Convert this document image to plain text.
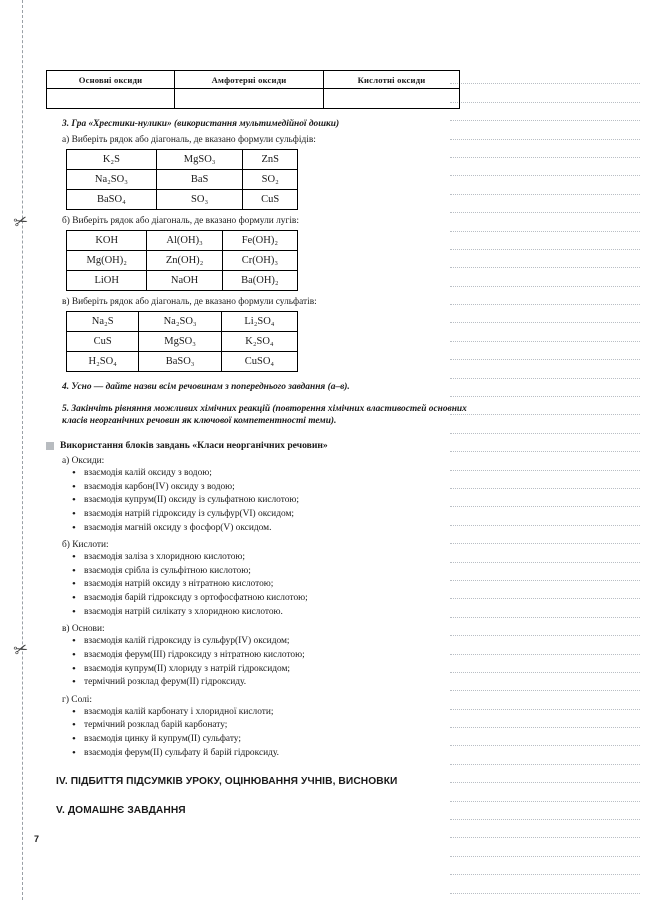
✂
✂
Основні оксиди	Амфотерні оксиди	Кислотні оксиди

3. Гра «Хрестики-нулики» (використання мультимедійної дошки)
а) Виберіть рядок або діагональ, де вказано формули сульфідів:
K₂S	MgSO₃	ZnS
Na₂SO₃	BaS	SO₂
BaSO₄	SO₃	CuS
б) Виберіть рядок або діагональ, де вказано формули лугів:
KOH	Al(OH)₃	Fe(OH)₂
Mg(OH)₂	Zn(OH)₂	Cr(OH)₃
LiOH	NaOH	Ba(OH)₂
в) Виберіть рядок або діагональ, де вказано формули сульфатів:
Na₂S	Na₂SO₃	Li₂SO₄
CuS	MgSO₃	K₂SO₄
H₂SO₄	BaSO₃	CuSO₄
4. Усно — дайте назви всім речовинам з попереднього завдання (а–в).
5. Закінчіть рівняння можливих хімічних реакцій (повторення хімічних властивостей основних класів неорганічних речовин як ключової компетентності теми).
Використання блоків завдань «Класи неорганічних речовин»
а) Оксиди:
• взаємодія калій оксиду з водою;
• взаємодія карбон(IV) оксиду з водою;
• взаємодія купрум(II) оксиду із сульфатною кислотою;
• взаємодія натрій гідроксиду із сульфур(VI) оксидом;
• взаємодія магній оксиду з фосфор(V) оксидом.
б) Кислоти:
• взаємодія заліза з хлоридною кислотою;
• взаємодія срібла із сульфітною кислотою;
• взаємодія натрій оксиду з нітратною кислотою;
• взаємодія барій гідроксиду з ортофосфатною кислотою;
• взаємодія натрій силікату з хлоридною кислотою.
в) Основи:
• взаємодія калій гідроксиду із сульфур(IV) оксидом;
• взаємодія ферум(III) гідроксиду з нітратною кислотою;
• взаємодія купрум(II) хлориду з натрій гідроксидом;
• термічний розклад ферум(II) гідроксиду.
г) Солі:
• взаємодія калій карбонату і хлоридної кислоти;
• термічний розклад барій карбонату;
• взаємодія цинку й купрум(II) сульфату;
• взаємодія ферум(II) сульфату й барій гідроксиду.
IV. ПІДБИТТЯ ПІДСУМКІВ УРОКУ, ОЦІНЮВАННЯ УЧНІВ, ВИСНОВКИ
V. ДОМАШНЄ ЗАВДАННЯ
7
